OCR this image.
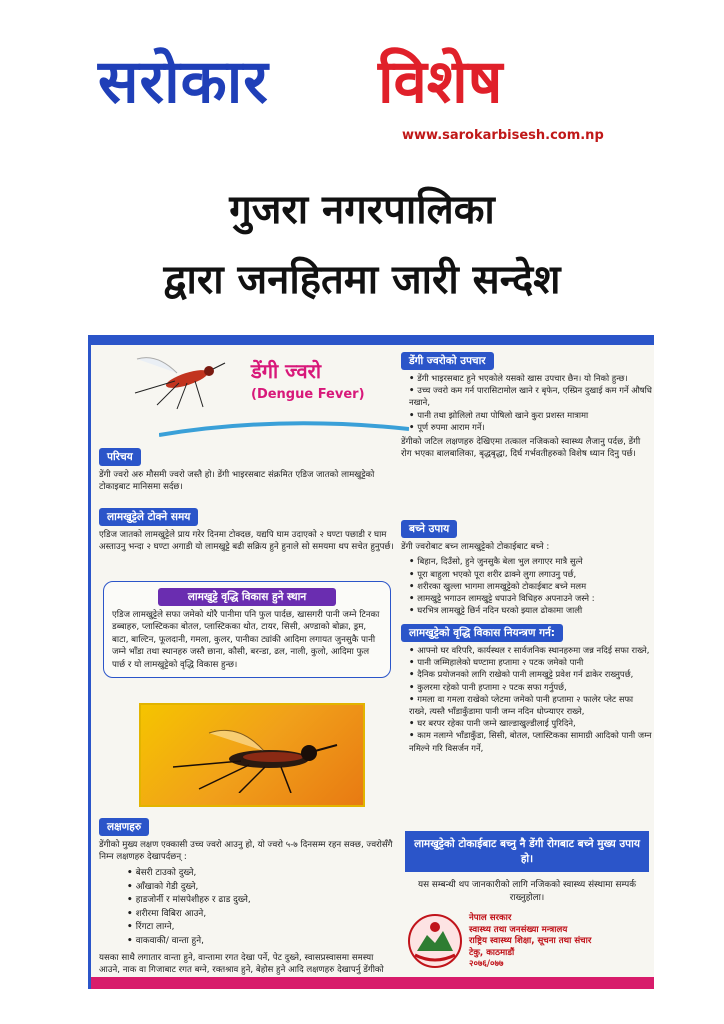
सरोकार विशेष
www.sarokarbisesh.com.np
गुजरा नगरपालिका
द्वारा जनहितमा जारी सन्देश
डेंगी ज्वरो
(Dengue Fever)
परिचय

डेंगी ज्वरो अरु मौसमी ज्वरो जस्तै हो। डेंगी भाइरसबाट संक्रमित एडिज जातको लामखुट्टेको टोकाइबाट मानिसमा सर्दछ।

लामखुट्टेले टोक्ने समय

एडिज जातको लामखुट्टेले प्राय गरेर दिनमा टोक्दछ, यद्यपि घाम उदाएको २ घण्टा पछाडी र घाम अस्ताउनु भन्दा २ घण्टा अगाडी यो लामखुट्टे बढी सक्रिय हुने हुनाले सो समयमा थप सचेत हुनुपर्छ।

लामखुट्टे वृद्धि विकास हुने स्थान

एडिज लामखुट्टेले सफा जमेको थोरै पानीमा पनि फुल पार्दछ, खासगरी पानी जम्ने टिनका डब्बाहरु, प्लास्टिकका बोतल, प्लास्टिकका थोत, टायर, सिसी, अण्डाको बोक्रा, ड्रम, बाटा, बाल्टिन, फूलदानी, गमला, कुलर, पानीका ट्यांकी आदिमा लगायत जुनसुकै पानी जम्ने भाँडा तथा स्थानहरु जस्तै छाना, कौसी, बरन्डा, ढल, नाली, कुलो, आदिमा फुल पार्छ र यो लामखुट्टेको वृद्धि विकास हुन्छ।

लक्षणहरु

डेंगीको मुख्य लक्षण एक्कासी उच्च ज्वरो आउनु हो, यो ज्वरो ५-७ दिनसम्म रहन सक्छ, ज्वरोसँगै निम्न लक्षणहरु देखापर्दछन् :

• बेसरी टाउको दुख्ने,
• आँखाको गेडी दुख्ने,
• हाडजोर्नी र मांसपेशीहरु र ढाड दुख्ने,
• शरीरमा विबिरा आउने,
• रिंगटा लाग्ने,
• वाकवाकी/ वान्ता हुने,

यसका साथै लगातार वान्ता हुने, वान्तामा रगत देखा पर्ने, पेट दुख्ने, स्वासप्रस्वासमा समस्या आउने, नाक वा गिजाबाट रगत बग्ने, रक्तश्राव हुने, बेहोस हुने आदि लक्षणहरु देखापर्नु डेंगीको

डेंगी ज्वरोको उपचार
• डेंगी भाइरसबाट हुने भएकोले यसको खास उपचार छैन। यो निको हुन्छ।
• उच्च ज्वरो कम गर्न पारासिटामोल खाने र बृफेन, एस्प्रिन दुखाई कम गर्ने औषधि नखाने,
• पानी तथा झोलिलो तथा पोषिलो खाने कुरा प्रशस्त मात्रामा
• पूर्ण रुपमा आराम गर्ने।

डेंगीको जटिल लक्षणहरु देखिएमा तत्काल नजिकको स्वास्थ्य लैजानु पर्दछ, डेंगी रोग भएका बालबालिका, बृद्धबृद्धा, दिर्घ गर्भवतीहरुको विशेष ध्यान दिनु पर्छ।

बच्ने उपाय

डेंगी ज्वरोबाट बच्न लामखुट्टेको टोकाईबाट बच्ने :

• बिहान, दिउँसो, हुने जुनसुकै बेला भुल लगाएर मात्रै सुत्ने
• पूरा बाहुला भएको पूरा शरीर ढाक्ने लुगा लगाउनु पर्छ,
• शरीरका खुल्ला भागमा लामखुट्टेको टोकाईबाट बच्ने मलम
• लामखुट्टे भगाउन लामखुट्टे धपाउने विधिहरु अपनाउने जस्ने :
• घरभित्र लामखुट्टे छिर्न नदिन घरको झ्याल ढोकामा जाली
लामखुट्टेको वृद्धि विकास नियन्त्रण गर्न:
• आफ्नो घर वरिपरि, कार्यस्थल र सार्वजनिक स्थानहरुमा जन्न नदिई सफा राख्ने,
• पानी जम्मिहालेको घण्टामा हप्तामा २ पटक जमेको पानी
• दैनिक प्रयोजनको लागि राखेको पानी लामखुट्टे प्रवेश गर्न ढाकेर राख्नुपर्छ,
• कुलरमा रहेको पानी हप्तामा २ पटक सफा गर्नुपर्छ,
• गमला वा गमला राखेको प्लेटमा जमेको पानी हप्तामा २ फालेर प्लेट सफा राख्ने, त्यस्तै भाँडाकुँडामा पानी जम्न नदिन धोप्न्याएर राख्ने,
• घर बरपर रहेका पानी जम्ने खाल्डाखुल्डीलाई पुरिदिने,
• काम नलाग्ने भाँडाकुँडा, सिसी, बोतल, प्लास्टिकका सामाग्री आदिको पानी जम्न नमिल्ने गरि विसर्जन गर्ने,
लामखुट्टेको टोकाईबाट बच्नु नै डेंगी रोगबाट बच्ने मुख्य उपाय हो।
यस सम्बन्धी थप जानकारीको लागि नजिकको स्वास्थ्य संस्थामा सम्पर्क राख्नुहोला।
नेपाल सरकार
स्वास्थ्य तथा जनसंख्या मन्त्रालय
राष्ट्रिय स्वास्थ्य शिक्षा, सूचना तथा संचार
टेकु, काठमाडौं
२०७६/०७७
